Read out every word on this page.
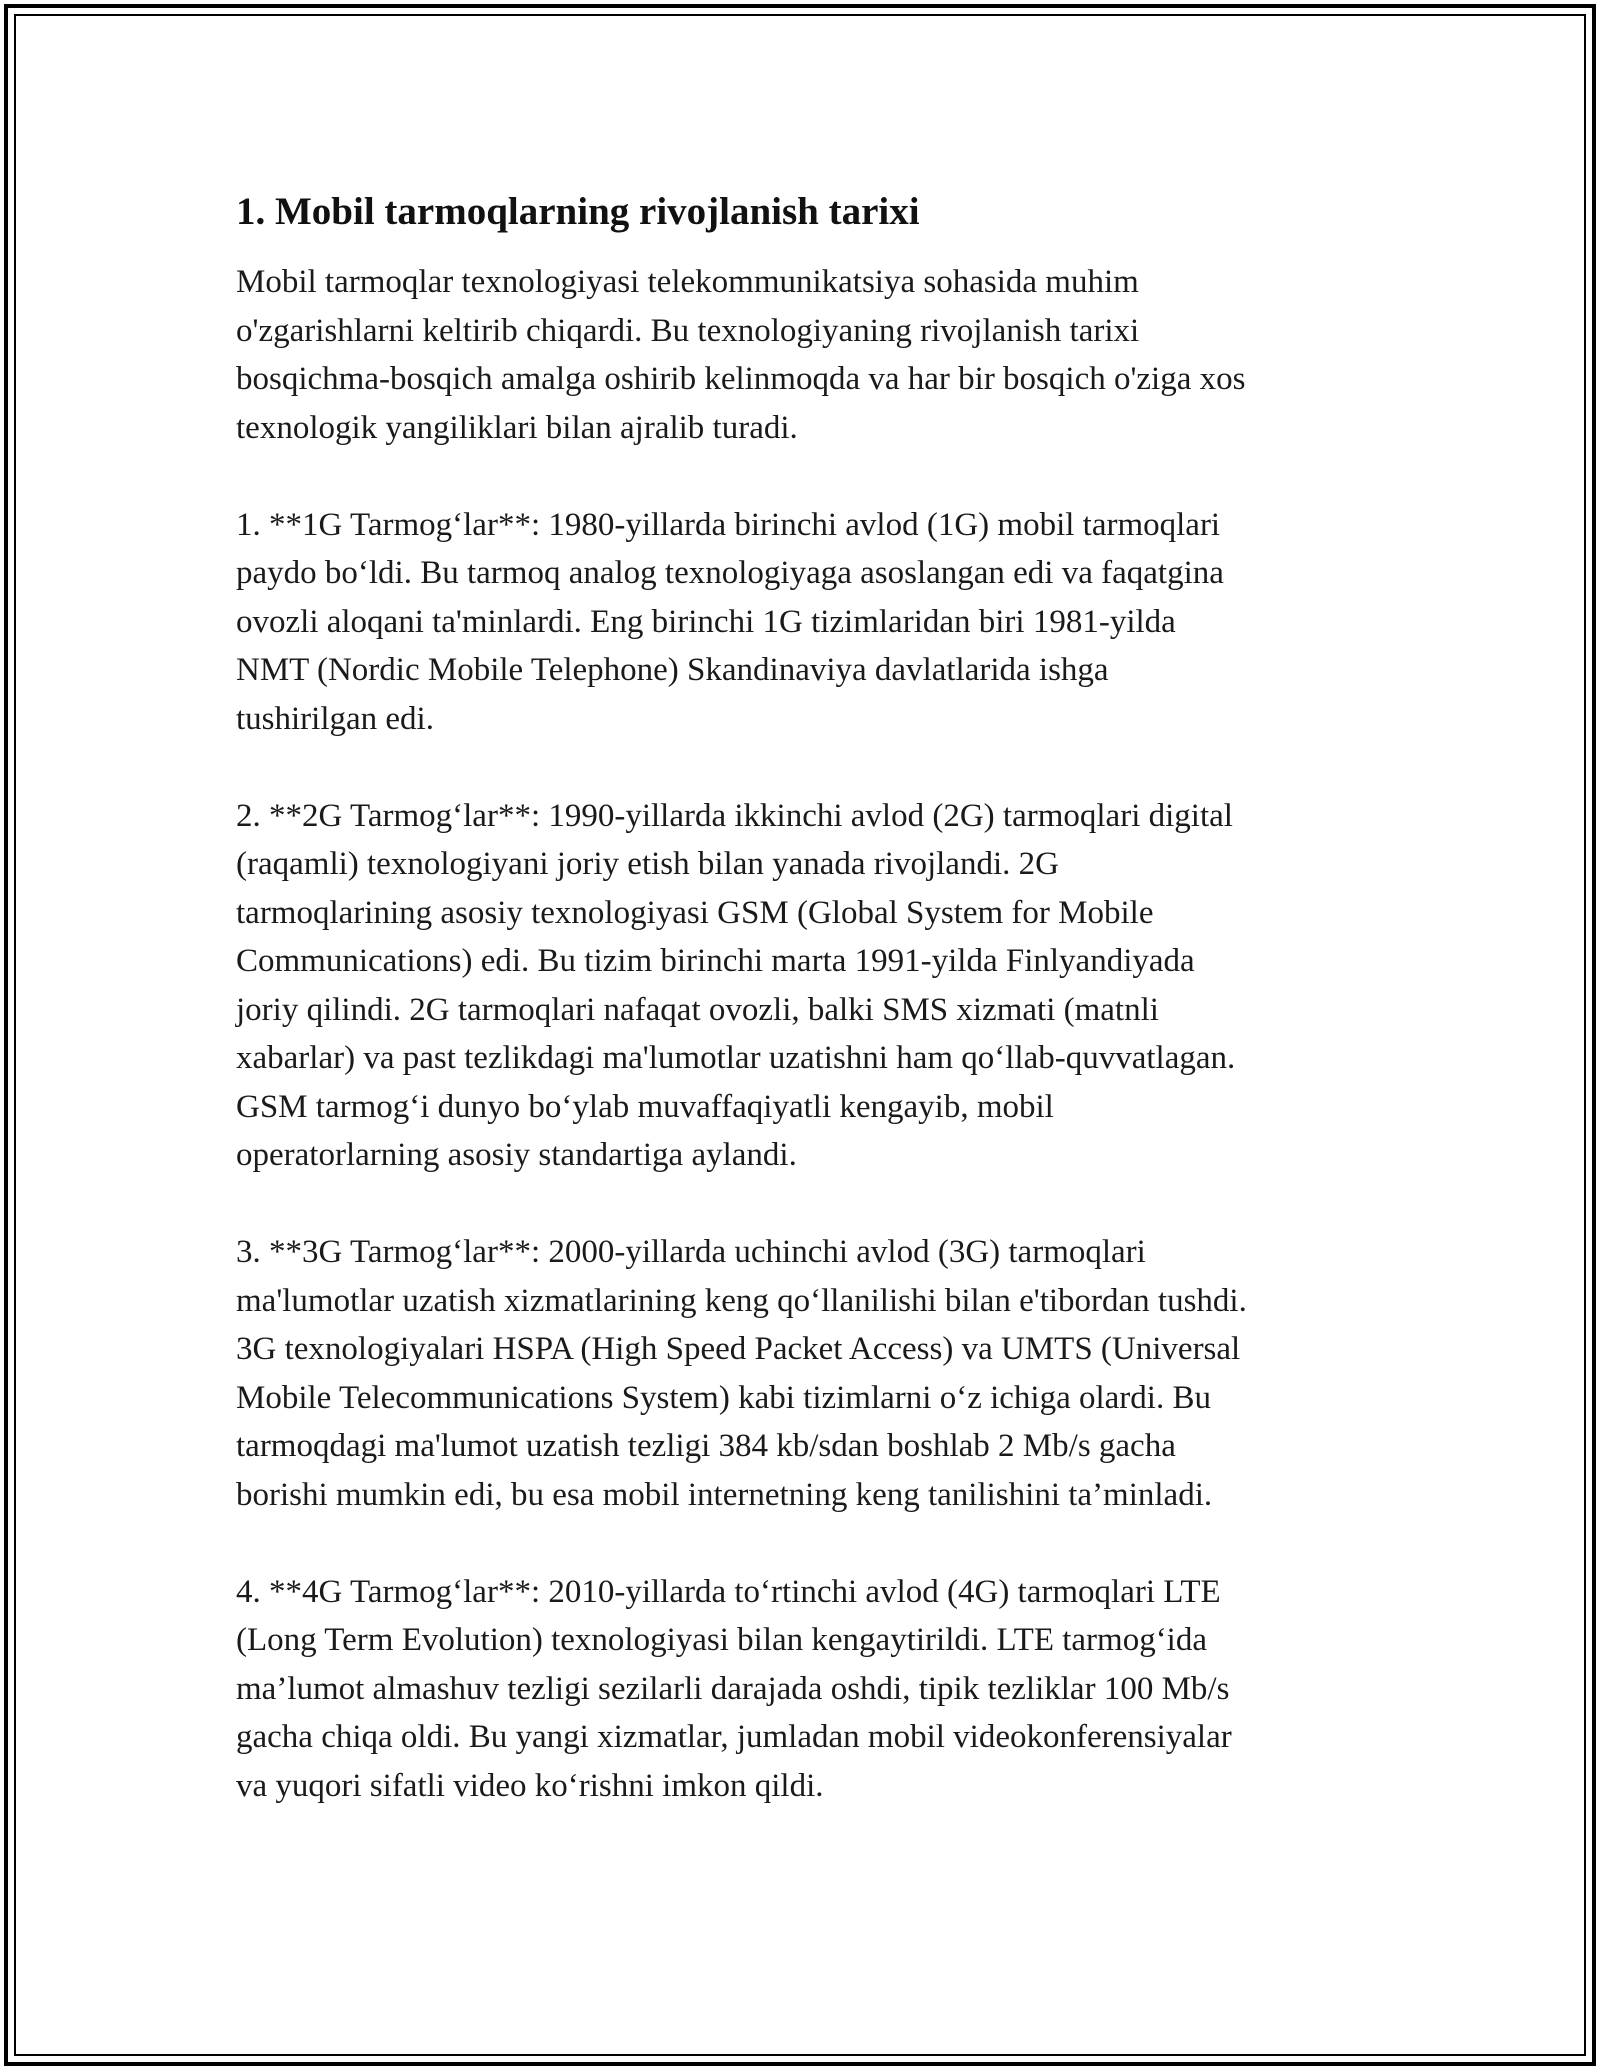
1. Mobil tarmoqlarning rivojlanish tarixi

Mobil tarmoqlar texnologiyasi telekommunikatsiya sohasida muhim
o'zgarishlarni keltirib chiqardi. Bu texnologiyaning rivojlanish tarixi
bosqichma-bosqich amalga oshirib kelinmoqda va har bir bosqich o'ziga xos
texnologik yangiliklari bilan ajralib turadi.

1. **1G Tarmog‘lar**: 1980-yillarda birinchi avlod (1G) mobil tarmoqlari
paydo bo‘ldi. Bu tarmoq analog texnologiyaga asoslangan edi va faqatgina
ovozli aloqani ta'minlardi. Eng birinchi 1G tizimlaridan biri 1981-yilda
NMT (Nordic Mobile Telephone) Skandinaviya davlatlarida ishga
tushirilgan edi.

2. **2G Tarmog‘lar**: 1990-yillarda ikkinchi avlod (2G) tarmoqlari digital
(raqamli) texnologiyani joriy etish bilan yanada rivojlandi. 2G
tarmoqlarining asosiy texnologiyasi GSM (Global System for Mobile
Communications) edi. Bu tizim birinchi marta 1991-yilda Finlyandiyada
joriy qilindi. 2G tarmoqlari nafaqat ovozli, balki SMS xizmati (matnli
xabarlar) va past tezlikdagi ma'lumotlar uzatishni ham qo‘llab-quvvatlagan.
GSM tarmog‘i dunyo bo‘ylab muvaffaqiyatli kengayib, mobil
operatorlarning asosiy standartiga aylandi.

3. **3G Tarmog‘lar**: 2000-yillarda uchinchi avlod (3G) tarmoqlari
ma'lumotlar uzatish xizmatlarining keng qo‘llanilishi bilan e'tibordan tushdi.
3G texnologiyalari HSPA (High Speed Packet Access) va UMTS (Universal
Mobile Telecommunications System) kabi tizimlarni o‘z ichiga olardi. Bu
tarmoqdagi ma'lumot uzatish tezligi 384 kb/sdan boshlab 2 Mb/s gacha
borishi mumkin edi, bu esa mobil internetning keng tanilishini ta’minladi.

4. **4G Tarmog‘lar**: 2010-yillarda to‘rtinchi avlod (4G) tarmoqlari LTE
(Long Term Evolution) texnologiyasi bilan kengaytirildi. LTE tarmog‘ida
ma’lumot almashuv tezligi sezilarli darajada oshdi, tipik tezliklar 100 Mb/s
gacha chiqa oldi. Bu yangi xizmatlar, jumladan mobil videokonferensiyalar
va yuqori sifatli video ko‘rishni imkon qildi.
